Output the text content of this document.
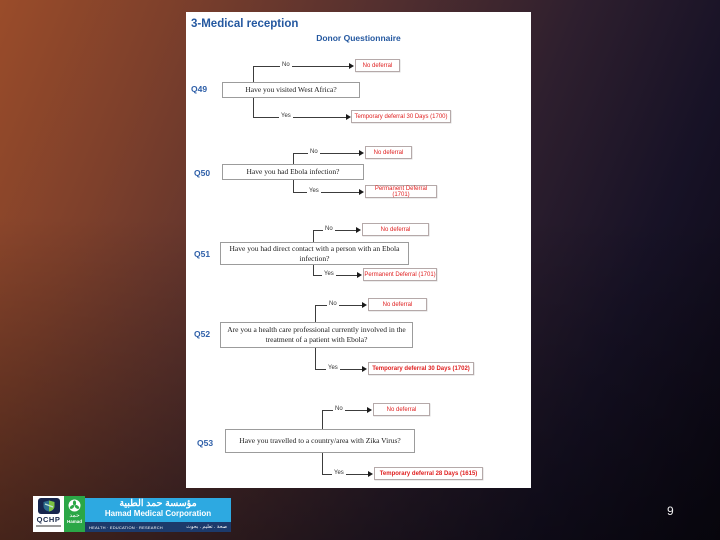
3-Medical reception
Donor Questionnaire
Q49
No	No deferral
Have you visited West Africa?
Yes	Temporary deferral 30 Days (1700)
Q50
No	No deferral
Have you had Ebola infection?
Yes	Permanent Deferral (1701)
Q51
No	No deferral
Have you had direct contact with a person with an Ebola infection?
Yes	Permanent Deferral (1701)
Q52
No	No deferral
Are you a health care professional currently involved in the treatment of a patient with Ebola?
Yes	Temporary deferral 30 Days (1702)
Q53
No	No deferral
Have you travelled to a country/area with Zika Virus?
Yes	Temporary deferral 28 Days (1615)
QCHP	حمد
Hamad
مؤسسة حمد الطبية
Hamad Medical Corporation
HEALTH · EDUCATION · RESEARCH	صحة . تعليم . بحوث
9
